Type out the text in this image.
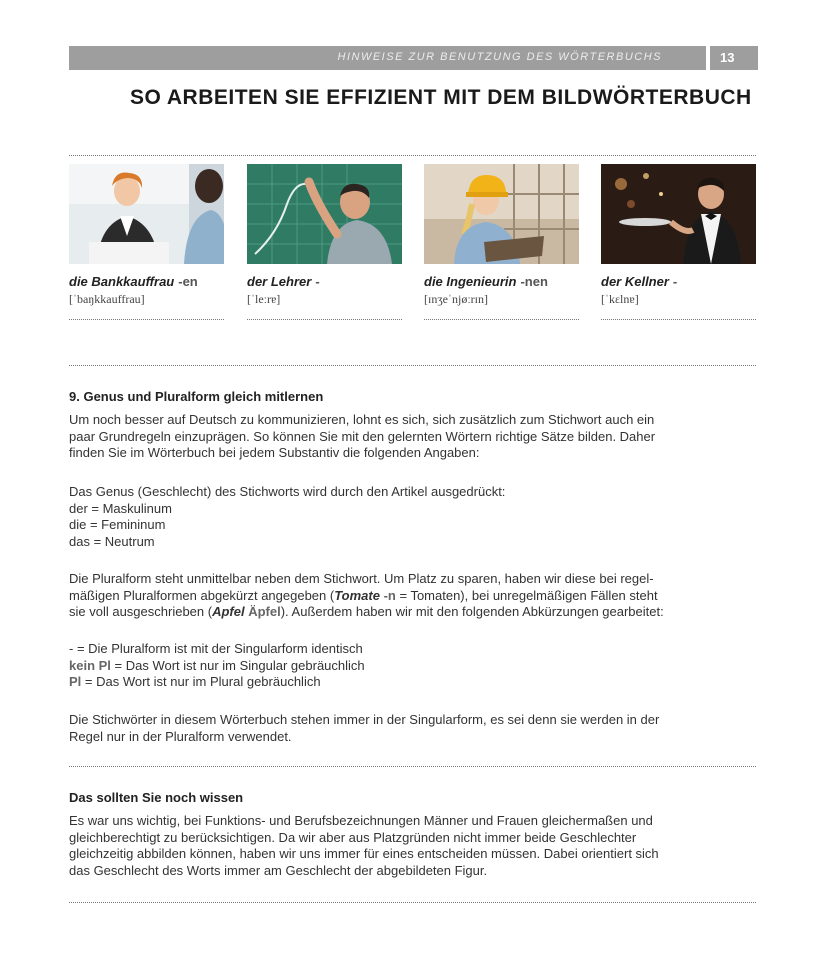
HINWEISE ZUR BENUTZUNG DES WÖRTERBUCHS	13
SO ARBEITEN SIE EFFIZIENT MIT DEM BILDWÖRTERBUCH
die Bankkauffrau -en
[ˈbaŋkkauffrau]
der Lehrer -
[ˈleːrɐ]
die Ingenieurin -nen
[ɪnʒeˈnjøːrɪn]
der Kellner -
[ˈkɛlnɐ]
9. Genus und Pluralform gleich mitlernen
Um noch besser auf Deutsch zu kommunizieren, lohnt es sich, sich zusätzlich zum Stichwort auch ein
paar Grundregeln einzuprägen. So können Sie mit den gelernten Wörtern richtige Sätze bilden. Daher
finden Sie im Wörterbuch bei jedem Substantiv die folgenden Angaben:
Das Genus (Geschlecht) des Stichworts wird durch den Artikel ausgedrückt:
der = Maskulinum
die = Femininum
das = Neutrum
Die Pluralform steht unmittelbar neben dem Stichwort. Um Platz zu sparen, haben wir diese bei regel-
mäßigen Pluralformen abgekürzt angegeben (Tomate -n = Tomaten), bei unregelmäßigen Fällen steht
sie voll ausgeschrieben (Apfel Äpfel). Außerdem haben wir mit den folgenden Abkürzungen gearbeitet:
- = Die Pluralform ist mit der Singularform identisch
kein Pl = Das Wort ist nur im Singular gebräuchlich
Pl = Das Wort ist nur im Plural gebräuchlich
Die Stichwörter in diesem Wörterbuch stehen immer in der Singularform, es sei denn sie werden in der
Regel nur in der Pluralform verwendet.
Das sollten Sie noch wissen
Es war uns wichtig, bei Funktions- und Berufsbezeichnungen Männer und Frauen gleichermaßen und
gleichberechtigt zu berücksichtigen. Da wir aber aus Platzgründen nicht immer beide Geschlechter
gleichzeitig abbilden können, haben wir uns immer für eines entscheiden müssen. Dabei orientiert sich
das Geschlecht des Worts immer am Geschlecht der abgebildeten Figur.
